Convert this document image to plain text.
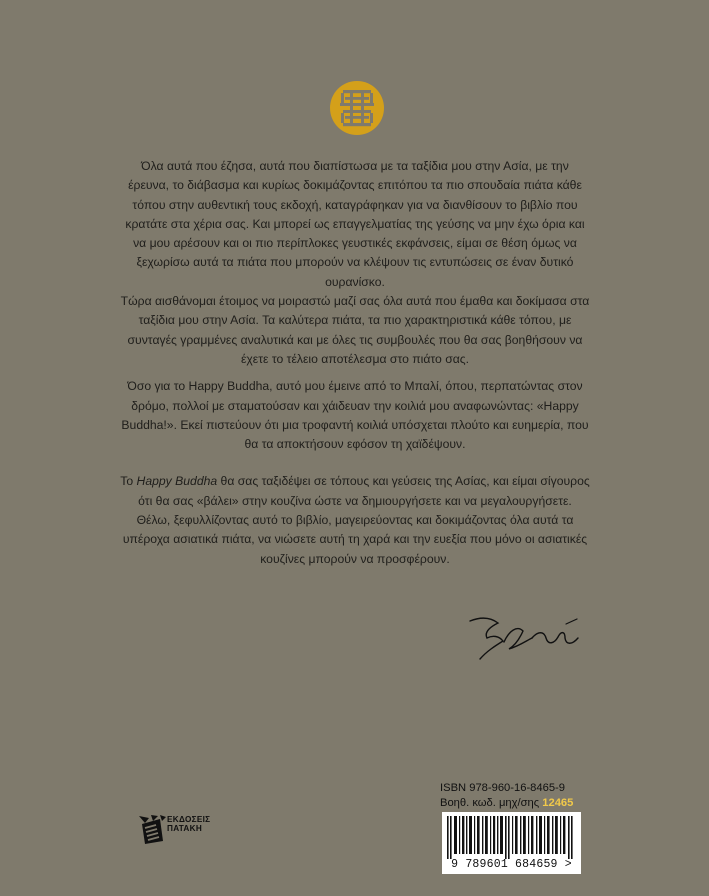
Όλα αυτά που έζησα, αυτά που διαπίστωσα με τα ταξίδια μου στην Ασία, με την έρευνα, το διάβασμα και κυρίως δοκιμάζοντας επιτόπου τα πιο σπουδαία πιάτα κάθε τόπου στην αυθεντική τους εκδοχή, καταγράφηκαν για να διανθίσουν το βιβλίο που κρατάτε στα χέρια σας. Και μπορεί ως επαγγελματίας της γεύσης να μην έχω όρια και να μου αρέσουν και οι πιο περίπλοκες γευστικές εκφάνσεις, είμαι σε θέση όμως να ξεχωρίσω αυτά τα πιάτα που μπορούν να κλέψουν τις εντυπώσεις σε έναν δυτικό ουρανίσκο.

Τώρα αισθάνομαι έτοιμος να μοιραστώ μαζί σας όλα αυτά που έμαθα και δοκίμασα στα ταξίδια μου στην Ασία. Τα καλύτερα πιάτα, τα πιο χαρακτηριστικά κάθε τόπου, με συνταγές γραμμένες αναλυτικά και με όλες τις συμβουλές που θα σας βοηθήσουν να έχετε το τέλειο αποτέλεσμα στο πιάτο σας.

Όσο για το Happy Buddha, αυτό μου έμεινε από το Μπαλί, όπου, περπατώντας στον δρόμο, πολλοί με σταματούσαν και χάιδευαν την κοιλιά μου αναφωνώντας: «Happy Buddha!». Εκεί πιστεύουν ότι μια τροφαντή κοιλιά υπόσχεται πλούτο και ευημερία, που θα τα αποκτήσουν εφόσον τη χαϊδέψουν.

Το Happy Buddha θα σας ταξιδέψει σε τόπους και γεύσεις της Ασίας, και είμαι σίγουρος ότι θα σας «βάλει» στην κουζίνα ώστε να δημιουργήσετε και να μεγαλουργήσετε. Θέλω, ξεφυλλίζοντας αυτό το βιβλίο, μαγειρεύοντας και δοκιμάζοντας όλα αυτά τα υπέροχα ασιατικά πιάτα, να νιώσετε αυτή τη χαρά και την ευεξία που μόνο οι ασιατικές κουζίνες μπορούν να προσφέρουν.

ISBN 978-960-16-8465-9
Βοηθ. κωδ. μηχ/σης 12465
ΕΚΔΟΣΕΙΣ
ΠΑΤΑΚΗ
9 789601 684659 >
